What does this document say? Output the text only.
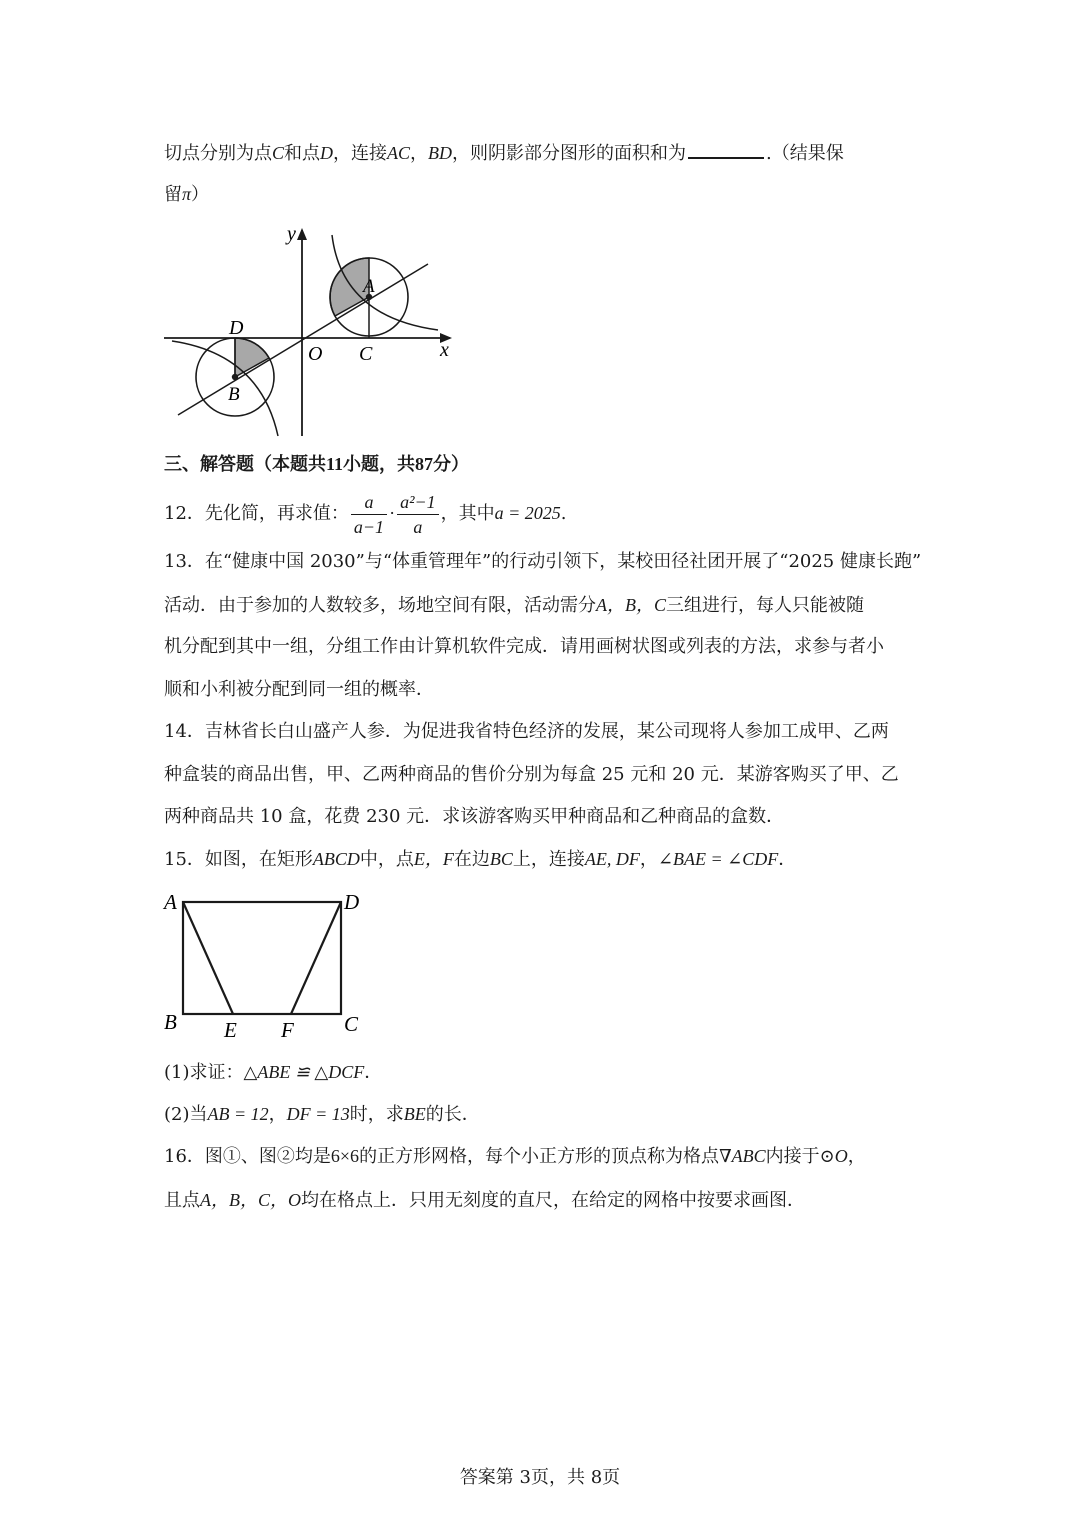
切点分别为点C和点D，连接AC，BD，则阴影部分图形的面积和为	.（结果保
留π）
y
x
O
A
B
C
D
三、解答题（本题共11小题，共87分）
12．先化简，再求值： $\frac{a}{a-1} \cdot \frac{\text{a²−1}}{a}$ ，其中a = 2025.
13．在“健康中国 2030”与“体重管理年”的行动引领下，某校田径社团开展了“2025 健康长跑”
活动．由于参加的人数较多，场地空间有限，活动需分A，B，C三组进行，每人只能被随
机分配到其中一组，分组工作由计算机软件完成．请用画树状图或列表的方法，求参与者小
顺和小利被分配到同一组的概率．
14．吉林省长白山盛产人参．为促进我省特色经济的发展，某公司现将人参加工成甲、乙两
种盒装的商品出售，甲、乙两种商品的售价分别为每盒 25 元和 20 元．某游客购买了甲、乙
两种商品共 10 盒，花费 230 元．求该游客购买甲种商品和乙种商品的盒数．
15．如图，在矩形ABCD中，点E，F在边BC上，连接AE, DF，∠BAE = ∠CDF．
A	D
B	C
E F
(1)求证：△ABE ≌ △DCF．
(2)当AB = 12，DF = 13时，求BE的长．
16．图①、图②均是6×6的正方形网格，每个小正方形的顶点称为格点∇ABC内接于⊙O，
且点A，B，C，O均在格点上．只用无刻度的直尺，在给定的网格中按要求画图．
答案第 3页，共 8页
